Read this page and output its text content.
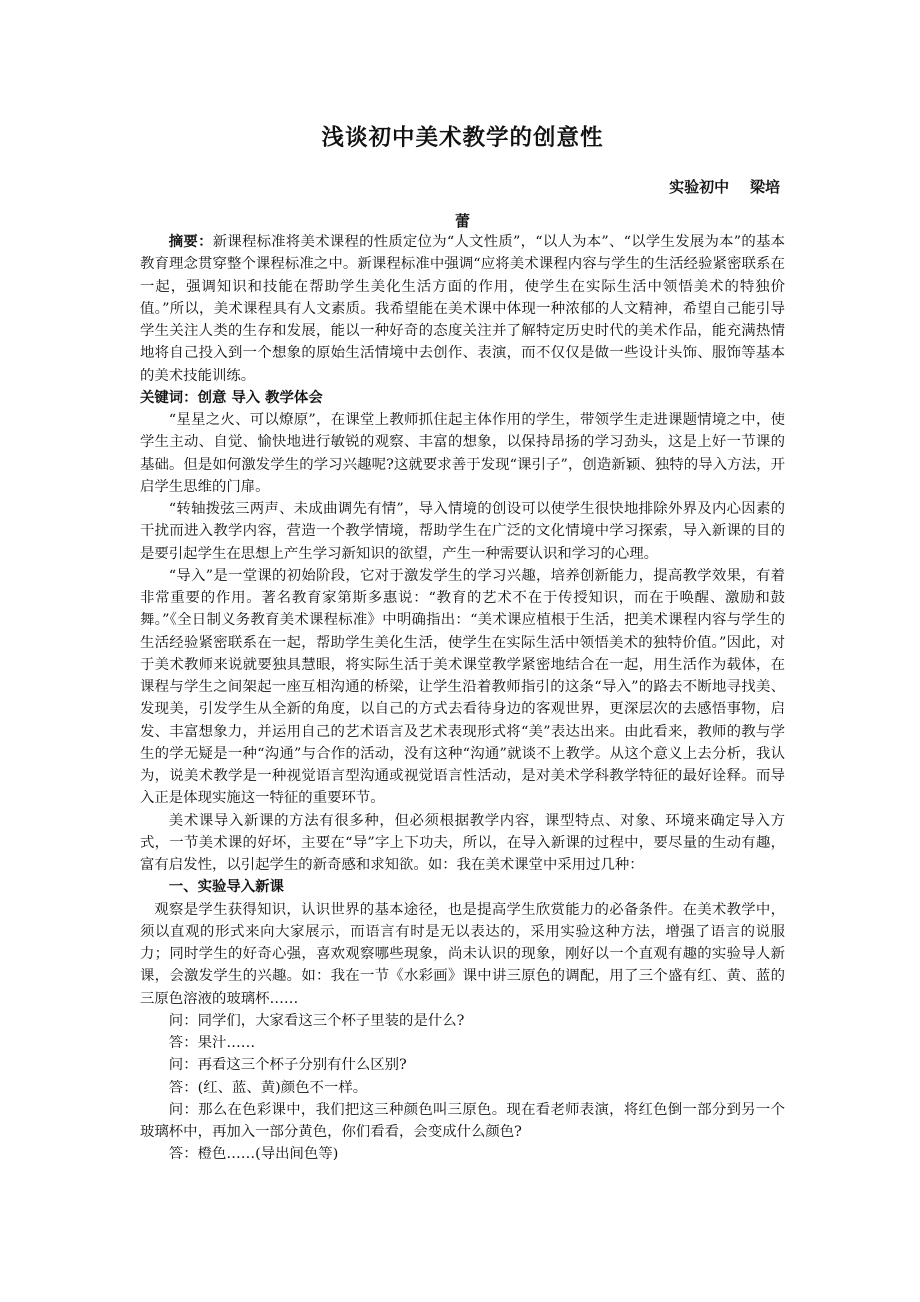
浅谈初中美术教学的创意性
实验初中    梁培
蕾

摘要：新课程标准将美术课程的性质定位为“人文性质”，“以人为本”、“以学生发展为本”的基本教育理念贯穿整个课程标准之中。新课程标准中强调“应将美术课程内容与学生的生活经验紧密联系在一起，强调知识和技能在帮助学生美化生活方面的作用，使学生在实际生活中领悟美术的特独价值。”所以，美术课程具有人文素质。我希望能在美术课中体现一种浓郁的人文精神，希望自己能引导学生关注人类的生存和发展，能以一种好奇的态度关注并了解特定历史时代的美术作品，能充满热情地将自己投入到一个想象的原始生活情境中去创作、表演，而不仅仅是做一些设计头饰、服饰等基本的美术技能训练。

关键词：创意 导入 教学体会

“星星之火、可以燎原”，在课堂上教师抓住起主体作用的学生，带领学生走进课题情境之中，使学生主动、自觉、愉快地进行敏锐的观察、丰富的想象，以保持昂扬的学习劲头，这是上好一节课的基础。但是如何激发学生的学习兴趣呢?这就要求善于发现“课引子”，创造新颖、独特的导入方法，开启学生思维的门扉。

“转轴拨弦三两声、未成曲调先有情”，导入情境的创设可以使学生很快地排除外界及内心因素的干扰而进入教学内容，营造一个教学情境，帮助学生在广泛的文化情境中学习探索，导入新课的目的是要引起学生在思想上产生学习新知识的欲望，产生一种需要认识和学习的心理。

“导入”是一堂课的初始阶段，它对于激发学生的学习兴趣，培养创新能力，提高教学效果，有着非常重要的作用。著名教育家第斯多惠说：“教育的艺术不在于传授知识，而在于唤醒、激励和鼓舞。”《全日制义务教育美术课程标准》中明确指出：“美术课应植根于生活，把美术课程内容与学生的生活经验紧密联系在一起，帮助学生美化生活，使学生在实际生活中领悟美术的独特价值。”因此，对于美术教师来说就要独具慧眼，将实际生活于美术课堂教学紧密地结合在一起，用生活作为载体，在课程与学生之间架起一座互相沟通的桥梁，让学生沿着教师指引的这条“导入”的路去不断地寻找美、发现美，引发学生从全新的角度，以自己的方式去看待身边的客观世界，更深层次的去感悟事物，启发、丰富想象力，并运用自己的艺术语言及艺术表现形式将“美”表达出来。由此看来，教师的教与学生的学无疑是一种“沟通”与合作的活动，没有这种“沟通”就谈不上教学。从这个意义上去分析，我认为，说美术教学是一种视觉语言型沟通或视觉语言性活动，是对美术学科教学特征的最好诠释。而导入正是体现实施这一特征的重要环节。

美术课导入新课的方法有很多种，但必须根据教学内容，课型特点、对象、环境来确定导入方式，一节美术课的好坏，主要在“导”字上下功夫，所以，在导入新课的过程中，要尽量的生动有趣，富有启发性，以引起学生的新奇感和求知欲。如：我在美术课堂中采用过几种：

一、实验导入新课

观察是学生获得知识，认识世界的基本途径，也是提高学生欣赏能力的必备条件。在美术教学中，须以直观的形式来向大家展示，而语言有时是无以表达的，采用实验这种方法，增强了语言的说服力；同时学生的好奇心强，喜欢观察哪些現象，尚未认识的现象，刚好以一个直观有趣的实验导人新课，会激发学生的兴趣。如：我在一节《水彩画》课中讲三原色的调配，用了三个盛有红、黄、蓝的三原色溶液的玻璃杯……

问：同学们，大家看这三个杯子里装的是什么?

答：果汁……

问：再看这三个杯子分别有什么区别?

答：(红、蓝、黄)颜色不一样。

问：那么在色彩课中，我们把这三种颜色叫三原色。现在看老师表演，将红色倒一部分到另一个玻璃杯中，再加入一部分黄色，你们看看，会变成什么颜色?

答：橙色……(导出间色等)
